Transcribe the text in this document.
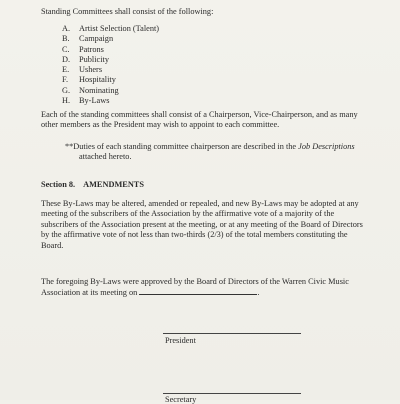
Standing Committees shall consist of the following:
A.	Artist Selection (Talent)
B.	Campaign
C.	Patrons
D.	Publicity
E.	Ushers
F.	Hospitality
G.	Nominating
H.	By-Laws
Each of the standing committees shall consist of a Chairperson, Vice-Chairperson, and as many other members as the President may wish to appoint to each committee.
**Duties of each standing committee chairperson are described in the Job Descriptions
attached hereto.
Section 8. AMENDMENTS
These By-Laws may be altered, amended or repealed, and new By-Laws may be adopted at any meeting of the subscribers of the Association by the affirmative vote of a majority of the subscribers of the Association present at the meeting, or at any meeting of the Board of Directors by the affirmative vote of not less than two-thirds (2/3) of the total members constituting the Board.
The foregoing By-Laws were approved by the Board of Directors of the Warren Civic Music Association at its meeting on	.
President
Secretary
